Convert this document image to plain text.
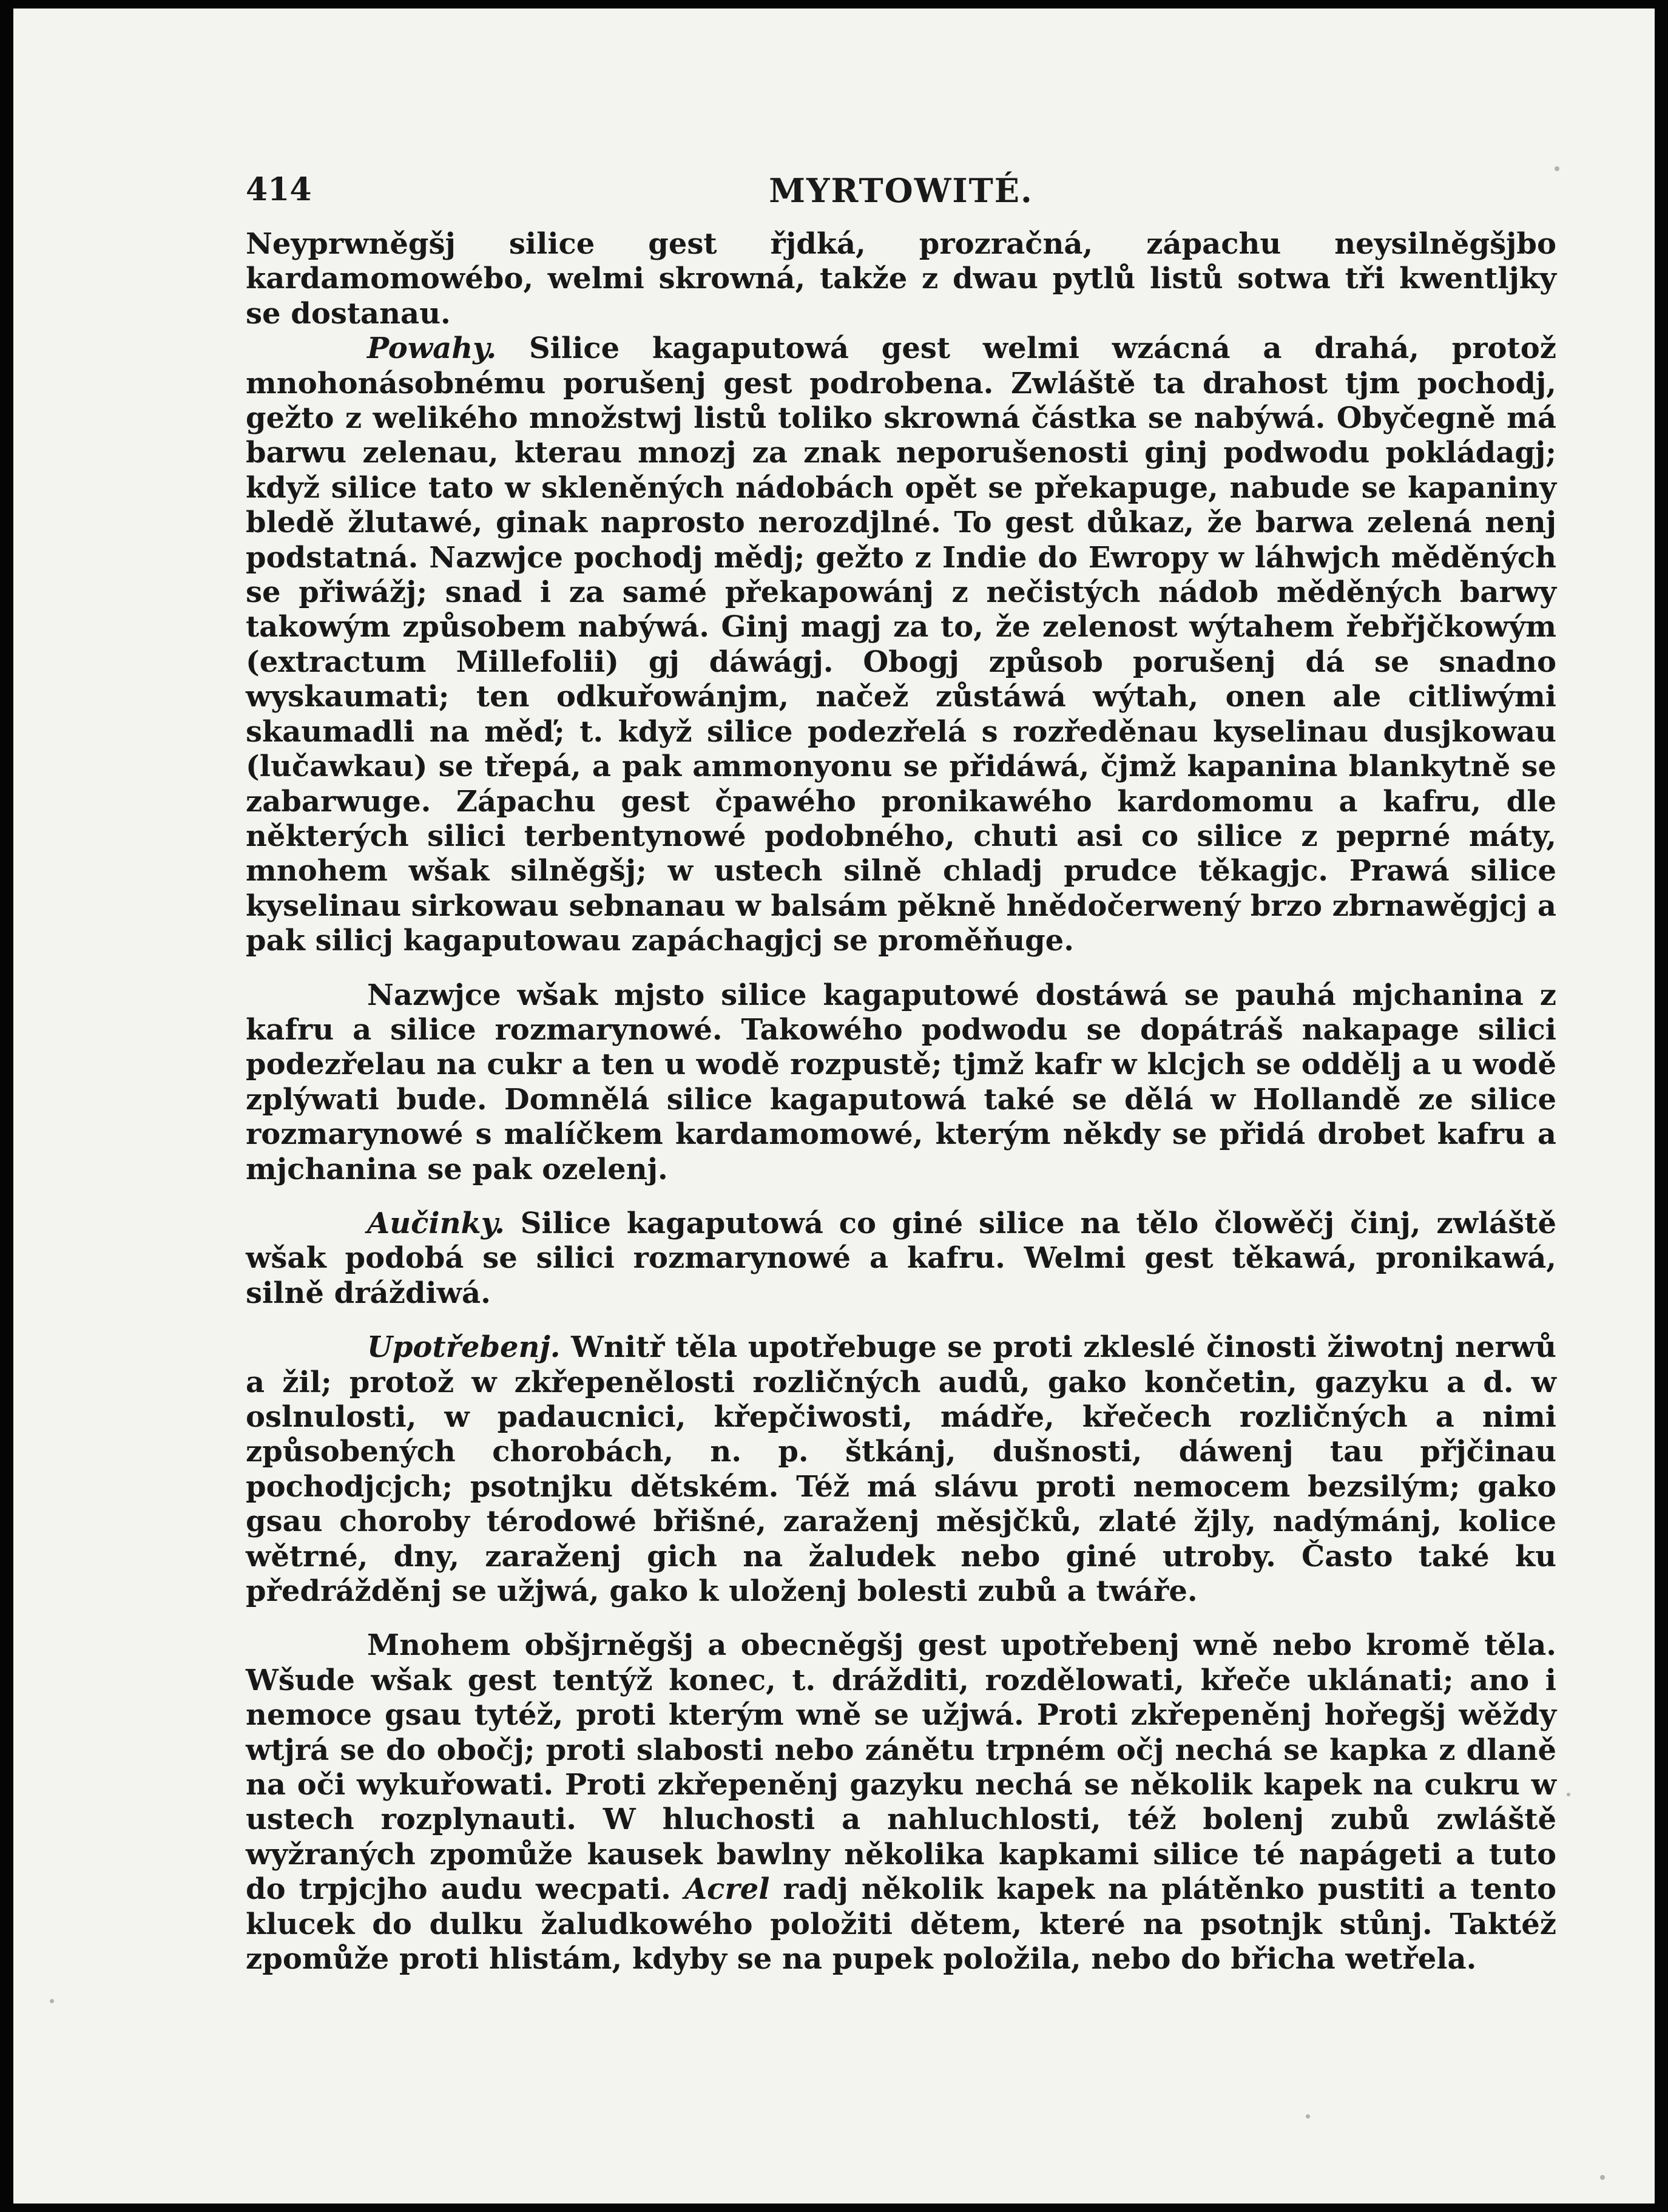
414	MYRTOWITÉ.

Neyprwněgšj silice gest řjdká, prozračná, zápachu neysilněgšjbo kardamomowébo, welmi skrowná, takže z dwau pytlů listů sotwa tři kwentljky se dostanau.

Powahy. Silice kagaputowá gest welmi wzácná a drahá, protož mnohonásobnému porušenj gest podrobena. Zwláště ta drahost tjm pochodj, gežto z welikého množstwj listů toliko skrowná částka se nabýwá. Obyčegně má barwu zelenau, kterau mnozj za znak neporušenosti ginj podwodu pokládagj; když silice tato w skleněných nádobách opět se překapuge, nabude se kapaniny bledě žlutawé, ginak naprosto nerozdjlné. To gest důkaz, že barwa zelená nenj podstatná. Nazwjce pochodj mědj; gežto z Indie do Ewropy w láhwjch měděných se přiwážj; snad i za samé překapowánj z nečistých nádob měděných barwy takowým způsobem nabýwá. Ginj magj za to, že zelenost wýtahem řebřjčkowým (extractum Millefolii) gj dáwágj. Obogj způsob porušenj dá se snadno wyskaumati; ten odkuřowánjm, načež zůstáwá wýtah, onen ale citliwými skaumadli na měď; t. když silice podezřelá s rozředěnau kyselinau dusjkowau (lučawkau) se třepá, a pak ammonyonu se přidáwá, čjmž kapanina blankytně se zabarwuge. Zápachu gest čpawého pronikawého kardomomu a kafru, dle některých silici terbentynowé podobného, chuti asi co silice z peprné máty, mnohem wšak silněgšj; w ustech silně chladj prudce těkagjc. Prawá silice kyselinau sirkowau sebnanau w balsám pěkně hnědočerwený brzo zbrnawěgjcj a pak silicj kagaputowau zapáchagjcj se proměňuge.

Nazwjce wšak mjsto silice kagaputowé dostáwá se pauhá mjchanina z kafru a silice rozmarynowé. Takowého podwodu se dopátráš nakapage silici podezřelau na cukr a ten u wodě rozpustě; tjmž kafr w klcjch se oddělj a u wodě zplýwati bude. Domnělá silice kagaputowá také se dělá w Hollandě ze silice rozmarynowé s malíčkem kardamomowé, kterým někdy se přidá drobet kafru a mjchanina se pak ozelenj.

Aučinky. Silice kagaputowá co giné silice na tělo člowěčj činj, zwláště wšak podobá se silici rozmarynowé a kafru. Welmi gest těkawá, pronikawá, silně dráždiwá.

Upotřebenj. Wnitř těla upotřebuge se proti zkleslé činosti žiwotnj nerwů a žil; protož w zkřepenělosti rozličných audů, gako končetin, gazyku a d. w oslnulosti, w padaucnici, křepčiwosti, mádře, křečech rozličných a nimi způsobených chorobách, n. p. štkánj, dušnosti, dáwenj tau přjčinau pochodjcjch; psotnjku dětském. Též má slávu proti nemocem bezsilým; gako gsau choroby térodowé břišné, zaraženj měsjčků, zlaté žjly, nadýmánj, kolice wětrné, dny, zaraženj gich na žaludek nebo giné utroby. Často také ku předrážděnj se užjwá, gako k uloženj bolesti zubů a twáře.

Mnohem obšjrněgšj a obecněgšj gest upotřebenj wně nebo kromě těla. Wšude wšak gest tentýž konec, t. drážditi, rozdělowati, křeče uklánati; ano i nemoce gsau tytéž, proti kterým wně se užjwá. Proti zkřepeněnj hořegšj wěždy wtjrá se do obočj; proti slabosti nebo zánětu trpném očj nechá se kapka z dlaně na oči wykuřowati. Proti zkřepeněnj gazyku nechá se několik kapek na cukru w ustech rozplynauti. W hluchosti a nahluchlosti, též bolenj zubů zwláště wyžraných zpomůže kausek bawlny několika kapkami silice té napágeti a tuto do trpjcjho audu wecpati. Acrel radj několik kapek na plátěnko pustiti a tento klucek do dulku žaludkowého položiti dětem, které na psotnjk stůnj. Taktéž zpomůže proti hlistám, kdyby se na pupek položila, nebo do břicha wetřela.
